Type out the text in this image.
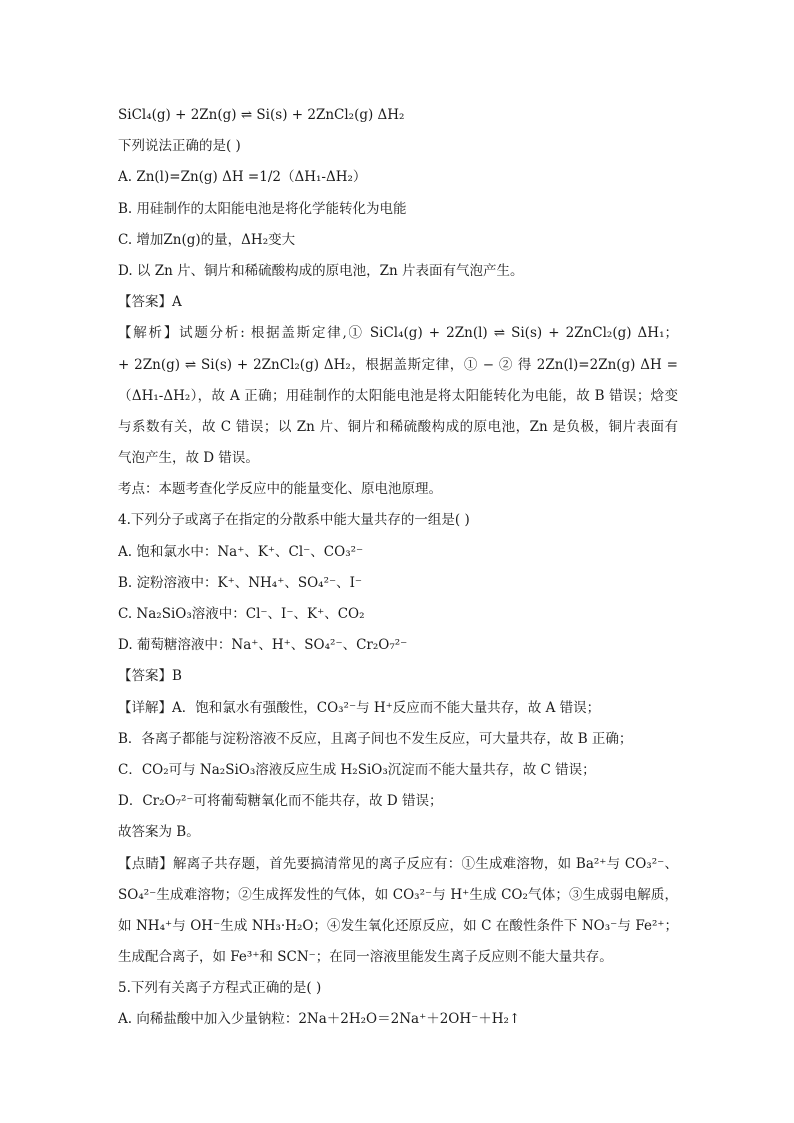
SiCl₄(g) + 2Zn(g) ⇌ Si(s) + 2ZnCl₂(g) ΔH₂
下列说法正确的是( )
A. Zn(l)=Zn(g) ΔH =1/2（ΔH₁-ΔH₂）
B. 用硅制作的太阳能电池是将化学能转化为电能
C. 增加Zn(g)的量，ΔH₂变大
D. 以 Zn 片、铜片和稀硫酸构成的原电池，Zn 片表面有气泡产生。
【答案】A
【解析】试题分析: 根据盖斯定律,① SiCl₄(g) + 2Zn(l) ⇌ Si(s) + 2ZnCl₂(g) ΔH₁；
+ 2Zn(g) ⇌ Si(s) + 2ZnCl₂(g) ΔH₂，根据盖斯定律，① − ② 得 2Zn(l)=2Zn(g) ΔH =
（ΔH₁-ΔH₂），故 A 正确；用硅制作的太阳能电池是将太阳能转化为电能，故 B 错误；焓变
与系数有关，故 C 错误；以 Zn 片、铜片和稀硫酸构成的原电池，Zn 是负极，铜片表面有
气泡产生，故 D 错误。
考点：本题考查化学反应中的能量变化、原电池原理。
4.下列分子或离子在指定的分散系中能大量共存的一组是( )
A. 饱和氯水中：Na⁺、K⁺、Cl⁻、CO₃²⁻
B. 淀粉溶液中：K⁺、NH₄⁺、SO₄²⁻、I⁻
C. Na₂SiO₃溶液中：Cl⁻、I⁻、K⁺、CO₂
D. 葡萄糖溶液中：Na⁺、H⁺、SO₄²⁻、Cr₂O₇²⁻
【答案】B
【详解】A．饱和氯水有强酸性，CO₃²⁻与 H⁺反应而不能大量共存，故 A 错误；
B．各离子都能与淀粉溶液不反应，且离子间也不发生反应，可大量共存，故 B 正确；
C．CO₂可与 Na₂SiO₃溶液反应生成 H₂SiO₃沉淀而不能大量共存，故 C 错误；
D．Cr₂O₇²⁻可将葡萄糖氧化而不能共存，故 D 错误；
故答案为 B。
【点睛】解离子共存题，首先要搞清常见的离子反应有：①生成难溶物，如 Ba²⁺与 CO₃²⁻、
SO₄²⁻生成难溶物；②生成挥发性的气体，如 CO₃²⁻与 H⁺生成 CO₂气体；③生成弱电解质，
如 NH₄⁺与 OH⁻生成 NH₃·H₂O；④发生氧化还原反应，如 C 在酸性条件下 NO₃⁻与 Fe²⁺；
生成配合离子，如 Fe³⁺和 SCN⁻；在同一溶液里能发生离子反应则不能大量共存。
5.下列有关离子方程式正确的是( )
A. 向稀盐酸中加入少量钠粒：2Na＋2H₂O＝2Na⁺＋2OH⁻＋H₂↑
